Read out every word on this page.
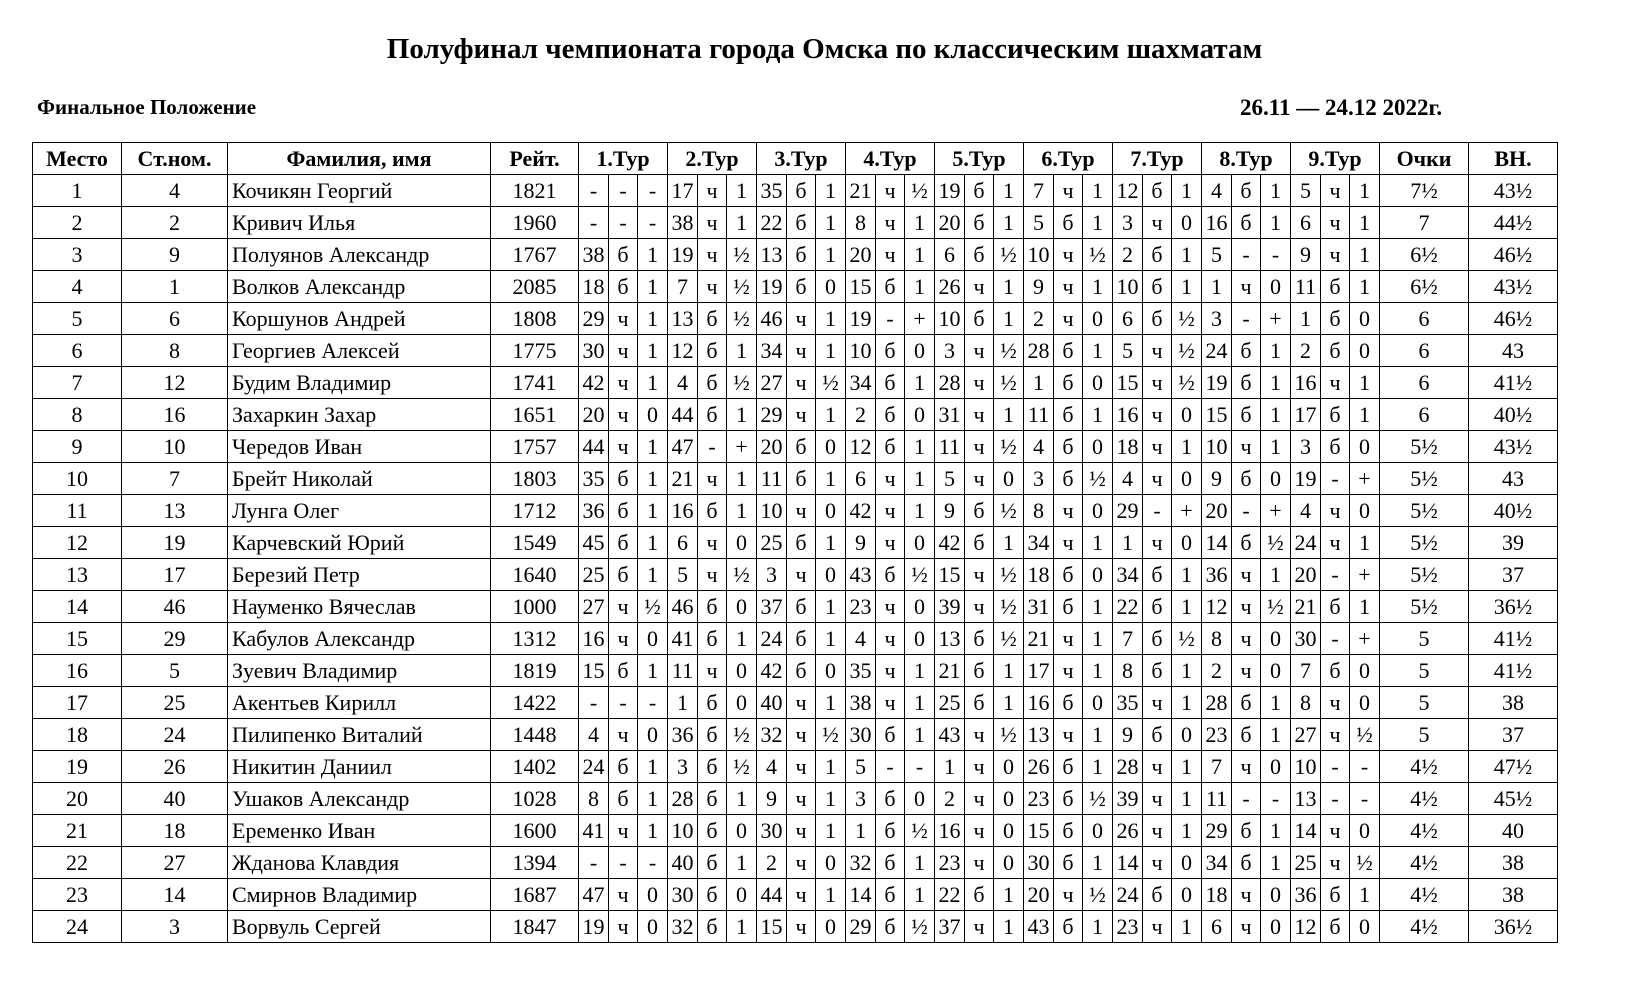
Полуфинал чемпионата города Омска по классическим шахматам
Финальное Положение	26.11 — 24.12 2022г.
Место	Ст.ном.	Фамилия, имя	Рейт.	1.Тур			2.Тур			3.Тур			4.Тур			5.Тур			6.Тур			7.Тур			8.Тур			9.Тур			Очки	ВН.
1	4	Кочикян Георгий	1821	-	-	-	17	ч	1	35	б	1	21	ч	½	19	б	1	7	ч	1	12	б	1	4	б	1	5	ч	1	7½	43½
2	2	Кривич Илья	1960	-	-	-	38	ч	1	22	б	1	8	ч	1	20	б	1	5	б	1	3	ч	0	16	б	1	6	ч	1	7	44½
3	9	Полуянов Александр	1767	38	б	1	19	ч	½	13	б	1	20	ч	1	6	б	½	10	ч	½	2	б	1	5	-	-	9	ч	1	6½	46½
4	1	Волков Александр	2085	18	б	1	7	ч	½	19	б	0	15	б	1	26	ч	1	9	ч	1	10	б	1	1	ч	0	11	б	1	6½	43½
5	6	Коршунов Андрей	1808	29	ч	1	13	б	½	46	ч	1	19	-	+	10	б	1	2	ч	0	6	б	½	3	-	+	1	б	0	6	46½
6	8	Георгиев Алексей	1775	30	ч	1	12	б	1	34	ч	1	10	б	0	3	ч	½	28	б	1	5	ч	½	24	б	1	2	б	0	6	43
7	12	Будим Владимир	1741	42	ч	1	4	б	½	27	ч	½	34	б	1	28	ч	½	1	б	0	15	ч	½	19	б	1	16	ч	1	6	41½
8	16	Захаркин Захар	1651	20	ч	0	44	б	1	29	ч	1	2	б	0	31	ч	1	11	б	1	16	ч	0	15	б	1	17	б	1	6	40½
9	10	Чередов Иван	1757	44	ч	1	47	-	+	20	б	0	12	б	1	11	ч	½	4	б	0	18	ч	1	10	ч	1	3	б	0	5½	43½
10	7	Брейт Николай	1803	35	б	1	21	ч	1	11	б	1	6	ч	1	5	ч	0	3	б	½	4	ч	0	9	б	0	19	-	+	5½	43
11	13	Лунга Олег	1712	36	б	1	16	б	1	10	ч	0	42	ч	1	9	б	½	8	ч	0	29	-	+	20	-	+	4	ч	0	5½	40½
12	19	Карчевский Юрий	1549	45	б	1	6	ч	0	25	б	1	9	ч	0	42	б	1	34	ч	1	1	ч	0	14	б	½	24	ч	1	5½	39
13	17	Березий Петр	1640	25	б	1	5	ч	½	3	ч	0	43	б	½	15	ч	½	18	б	0	34	б	1	36	ч	1	20	-	+	5½	37
14	46	Науменко Вячеслав	1000	27	ч	½	46	б	0	37	б	1	23	ч	0	39	ч	½	31	б	1	22	б	1	12	ч	½	21	б	1	5½	36½
15	29	Кабулов Александр	1312	16	ч	0	41	б	1	24	б	1	4	ч	0	13	б	½	21	ч	1	7	б	½	8	ч	0	30	-	+	5	41½
16	5	Зуевич Владимир	1819	15	б	1	11	ч	0	42	б	0	35	ч	1	21	б	1	17	ч	1	8	б	1	2	ч	0	7	б	0	5	41½
17	25	Акентьев Кирилл	1422	-	-	-	1	б	0	40	ч	1	38	ч	1	25	б	1	16	б	0	35	ч	1	28	б	1	8	ч	0	5	38
18	24	Пилипенко Виталий	1448	4	ч	0	36	б	½	32	ч	½	30	б	1	43	ч	½	13	ч	1	9	б	0	23	б	1	27	ч	½	5	37
19	26	Никитин Даниил	1402	24	б	1	3	б	½	4	ч	1	5	-	-	1	ч	0	26	б	1	28	ч	1	7	ч	0	10	-	-	4½	47½
20	40	Ушаков Александр	1028	8	б	1	28	б	1	9	ч	1	3	б	0	2	ч	0	23	б	½	39	ч	1	11	-	-	13	-	-	4½	45½
21	18	Еременко Иван	1600	41	ч	1	10	б	0	30	ч	1	1	б	½	16	ч	0	15	б	0	26	ч	1	29	б	1	14	ч	0	4½	40
22	27	Жданова Клавдия	1394	-	-	-	40	б	1	2	ч	0	32	б	1	23	ч	0	30	б	1	14	ч	0	34	б	1	25	ч	½	4½	38
23	14	Смирнов Владимир	1687	47	ч	0	30	б	0	44	ч	1	14	б	1	22	б	1	20	ч	½	24	б	0	18	ч	0	36	б	1	4½	38
24	3	Ворвуль Сергей	1847	19	ч	0	32	б	1	15	ч	0	29	б	½	37	ч	1	43	б	1	23	ч	1	6	ч	0	12	б	0	4½	36½
